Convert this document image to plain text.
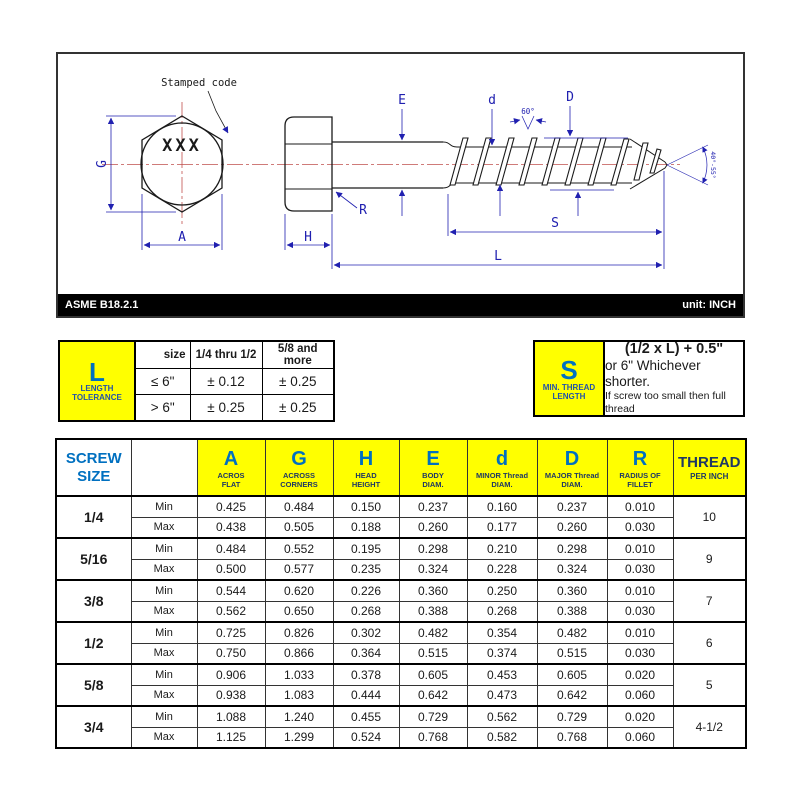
XXX
Stamped code
G
A	H
R
E	d	D
S
L
60°
40°-55°
ASME B18.2.1	unit: INCH
L
LENGTH
TOLERANCE	size	1/4 thru 1/2	5/8 and more
	≤ 6"	± 0.12	± 0.25
	> 6"	± 0.25	± 0.25
S
MIN. THREAD
LENGTH
(1/2 x L) + 0.5"
or 6" Whichever shorter.
If screw too small then full thread
SCREW
SIZE

A
ACROS
FLAT

G
ACROSS
CORNERS

H
HEAD
HEIGHT

E
BODY
DIAM.

d
MINOR Thread
DIAM.

D
MAJOR Thread
DIAM.

R
RADIUS OF
FILLET

THREAD
PER INCH

1/4	Min	0.425	0.484	0.150	0.237	0.160	0.237	0.010	10
	Max	0.438	0.505	0.188	0.260	0.177	0.260	0.030	
5/16	Min	0.484	0.552	0.195	0.298	0.210	0.298	0.010	9
	Max	0.500	0.577	0.235	0.324	0.228	0.324	0.030	
3/8	Min	0.544	0.620	0.226	0.360	0.250	0.360	0.010	7
	Max	0.562	0.650	0.268	0.388	0.268	0.388	0.030	
1/2	Min	0.725	0.826	0.302	0.482	0.354	0.482	0.010	6
	Max	0.750	0.866	0.364	0.515	0.374	0.515	0.030	
5/8	Min	0.906	1.033	0.378	0.605	0.453	0.605	0.020	5
	Max	0.938	1.083	0.444	0.642	0.473	0.642	0.060	
3/4	Min	1.088	1.240	0.455	0.729	0.562	0.729	0.020	4-1/2
	Max	1.125	1.299	0.524	0.768	0.582	0.768	0.060	
